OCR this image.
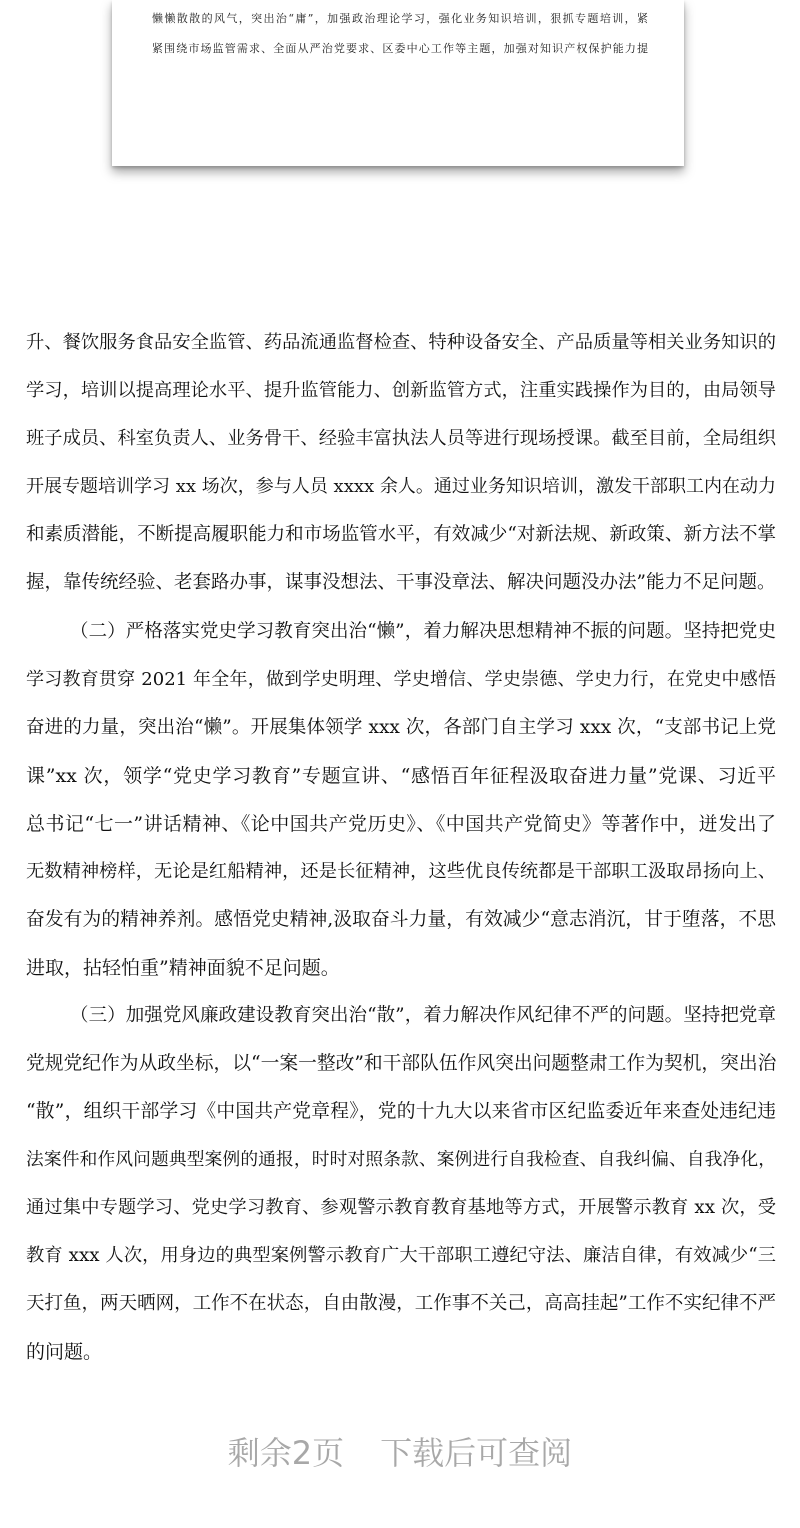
懒懒散散的风气，突出治“庸”，加强政治理论学习，强化业务知识培训，狠抓专题培训，紧
紧围绕市场监管需求、全面从严治党要求、区委中心工作等主题，加强对知识产权保护能力提
升、餐饮服务食品安全监管、药品流通监督检查、特种设备安全、产品质量等相关业务知识的
学习，培训以提高理论水平、提升监管能力、创新监管方式，注重实践操作为目的，由局领导
班子成员、科室负责人、业务骨干、经验丰富执法人员等进行现场授课。截至目前，全局组织
开展专题培训学习 xx 场次，参与人员 xxxx 余人。通过业务知识培训，激发干部职工内在动力
和素质潜能，不断提高履职能力和市场监管水平，有效减少“对新法规、新政策、新方法不掌
握，靠传统经验、老套路办事，谋事没想法、干事没章法、解决问题没办法”能力不足问题。
（二）严格落实党史学习教育突出治“懒”，着力解决思想精神不振的问题。坚持把党史
学习教育贯穿 2021 年全年，做到学史明理、学史增信、学史崇德、学史力行，在党史中感悟
奋进的力量，突出治“懒”。开展集体领学 xxx 次，各部门自主学习 xxx 次，“支部书记上党
课”xx 次，领学“党史学习教育”专题宣讲、“感悟百年征程汲取奋进力量”党课、习近平
总书记“七一”讲话精神、《论中国共产党历史》、《中国共产党简史》等著作中，迸发出了
无数精神榜样，无论是红船精神，还是长征精神，这些优良传统都是干部职工汲取昂扬向上、
奋发有为的精神养剂。感悟党史精神,汲取奋斗力量，有效减少“意志消沉，甘于堕落，不思
进取，拈轻怕重”精神面貌不足问题。
（三）加强党风廉政建设教育突出治“散”，着力解决作风纪律不严的问题。坚持把党章
党规党纪作为从政坐标，以“一案一整改”和干部队伍作风突出问题整肃工作为契机，突出治
“散”，组织干部学习《中国共产党章程》，党的十九大以来省市区纪监委近年来查处违纪违
法案件和作风问题典型案例的通报，时时对照条款、案例进行自我检查、自我纠偏、自我净化，
通过集中专题学习、党史学习教育、参观警示教育教育基地等方式，开展警示教育 xx 次，受
教育 xxx 人次，用身边的典型案例警示教育广大干部职工遵纪守法、廉洁自律，有效减少“三
天打鱼，两天晒网，工作不在状态，自由散漫，工作事不关己，高高挂起”工作不实纪律不严
的问题。
剩余2页 下载后可查阅
